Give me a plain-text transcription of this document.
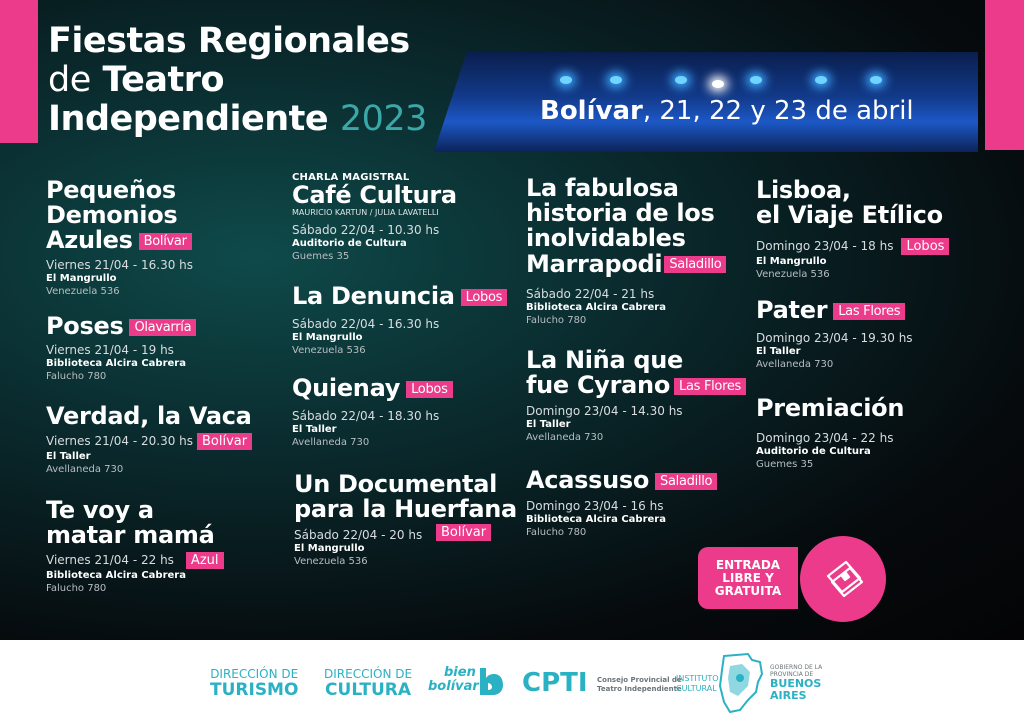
Fiestas Regionales
de Teatro
Independiente 2023	Bolívar, 21, 22 y 23 de abril
Pequeños
Demonios
Azules Bolívar
Viernes 21/04 - 16.30 hs
El Mangrullo
Venezuela 536
Poses Olavarría
Viernes 21/04 - 19 hs
Biblioteca Alcira Cabrera
Falucho 780
Verdad, la Vaca
Viernes 21/04 - 20.30 hs Bolívar
El Taller
Avellaneda 730
Te voy a
matar mamá
Viernes 21/04 - 22 hs Azul
Biblioteca Alcira Cabrera
Falucho 780
CHARLA MAGISTRAL
Café Cultura
MAURICIO KARTUN / JULIA LAVATELLI
Sábado 22/04 - 10.30 hs
Auditorio de Cultura
Guemes 35
La Denuncia Lobos
Sábado 22/04 - 16.30 hs
El Mangrullo
Venezuela 536
Quienay Lobos
Sábado 22/04 - 18.30 hs
El Taller
Avellaneda 730
Un Documental
para la Huerfana
Sábado 22/04 - 20 hs
El Mangrullo
Venezuela 536
Bolívar
La fabulosa
historia de los
inolvidables
Marrapodi Saladillo
Sábado 22/04 - 21 hs
Biblioteca Alcira Cabrera
Falucho 780
La Niña que
fue Cyrano Las Flores
Domingo 23/04 - 14.30 hs
El Taller
Avellaneda 730
Acassuso Saladillo
Domingo 23/04 - 16 hs
Biblioteca Alcira Cabrera
Falucho 780
Lisboa,
el Viaje Etílico
Domingo 23/04 - 18 hs Lobos
El Mangrullo
Venezuela 536
Pater Las Flores
Domingo 23/04 - 19.30 hs
El Taller
Avellaneda 730
Premiación
Domingo 23/04 - 22 hs
Auditorio de Cultura
Guemes 35
ENTRADA
LIBRE Y
GRATUITA
DIRECCIÓN DE
TURISMO
DIRECCIÓN DE
CULTURA
bien
bolívar CPTI Consejo Provincial de
Teatro Independiente
INSTITUTO
CULTURAL
GOBIERNO DE LA
PROVINCIA DE
BUENOS
AIRES
